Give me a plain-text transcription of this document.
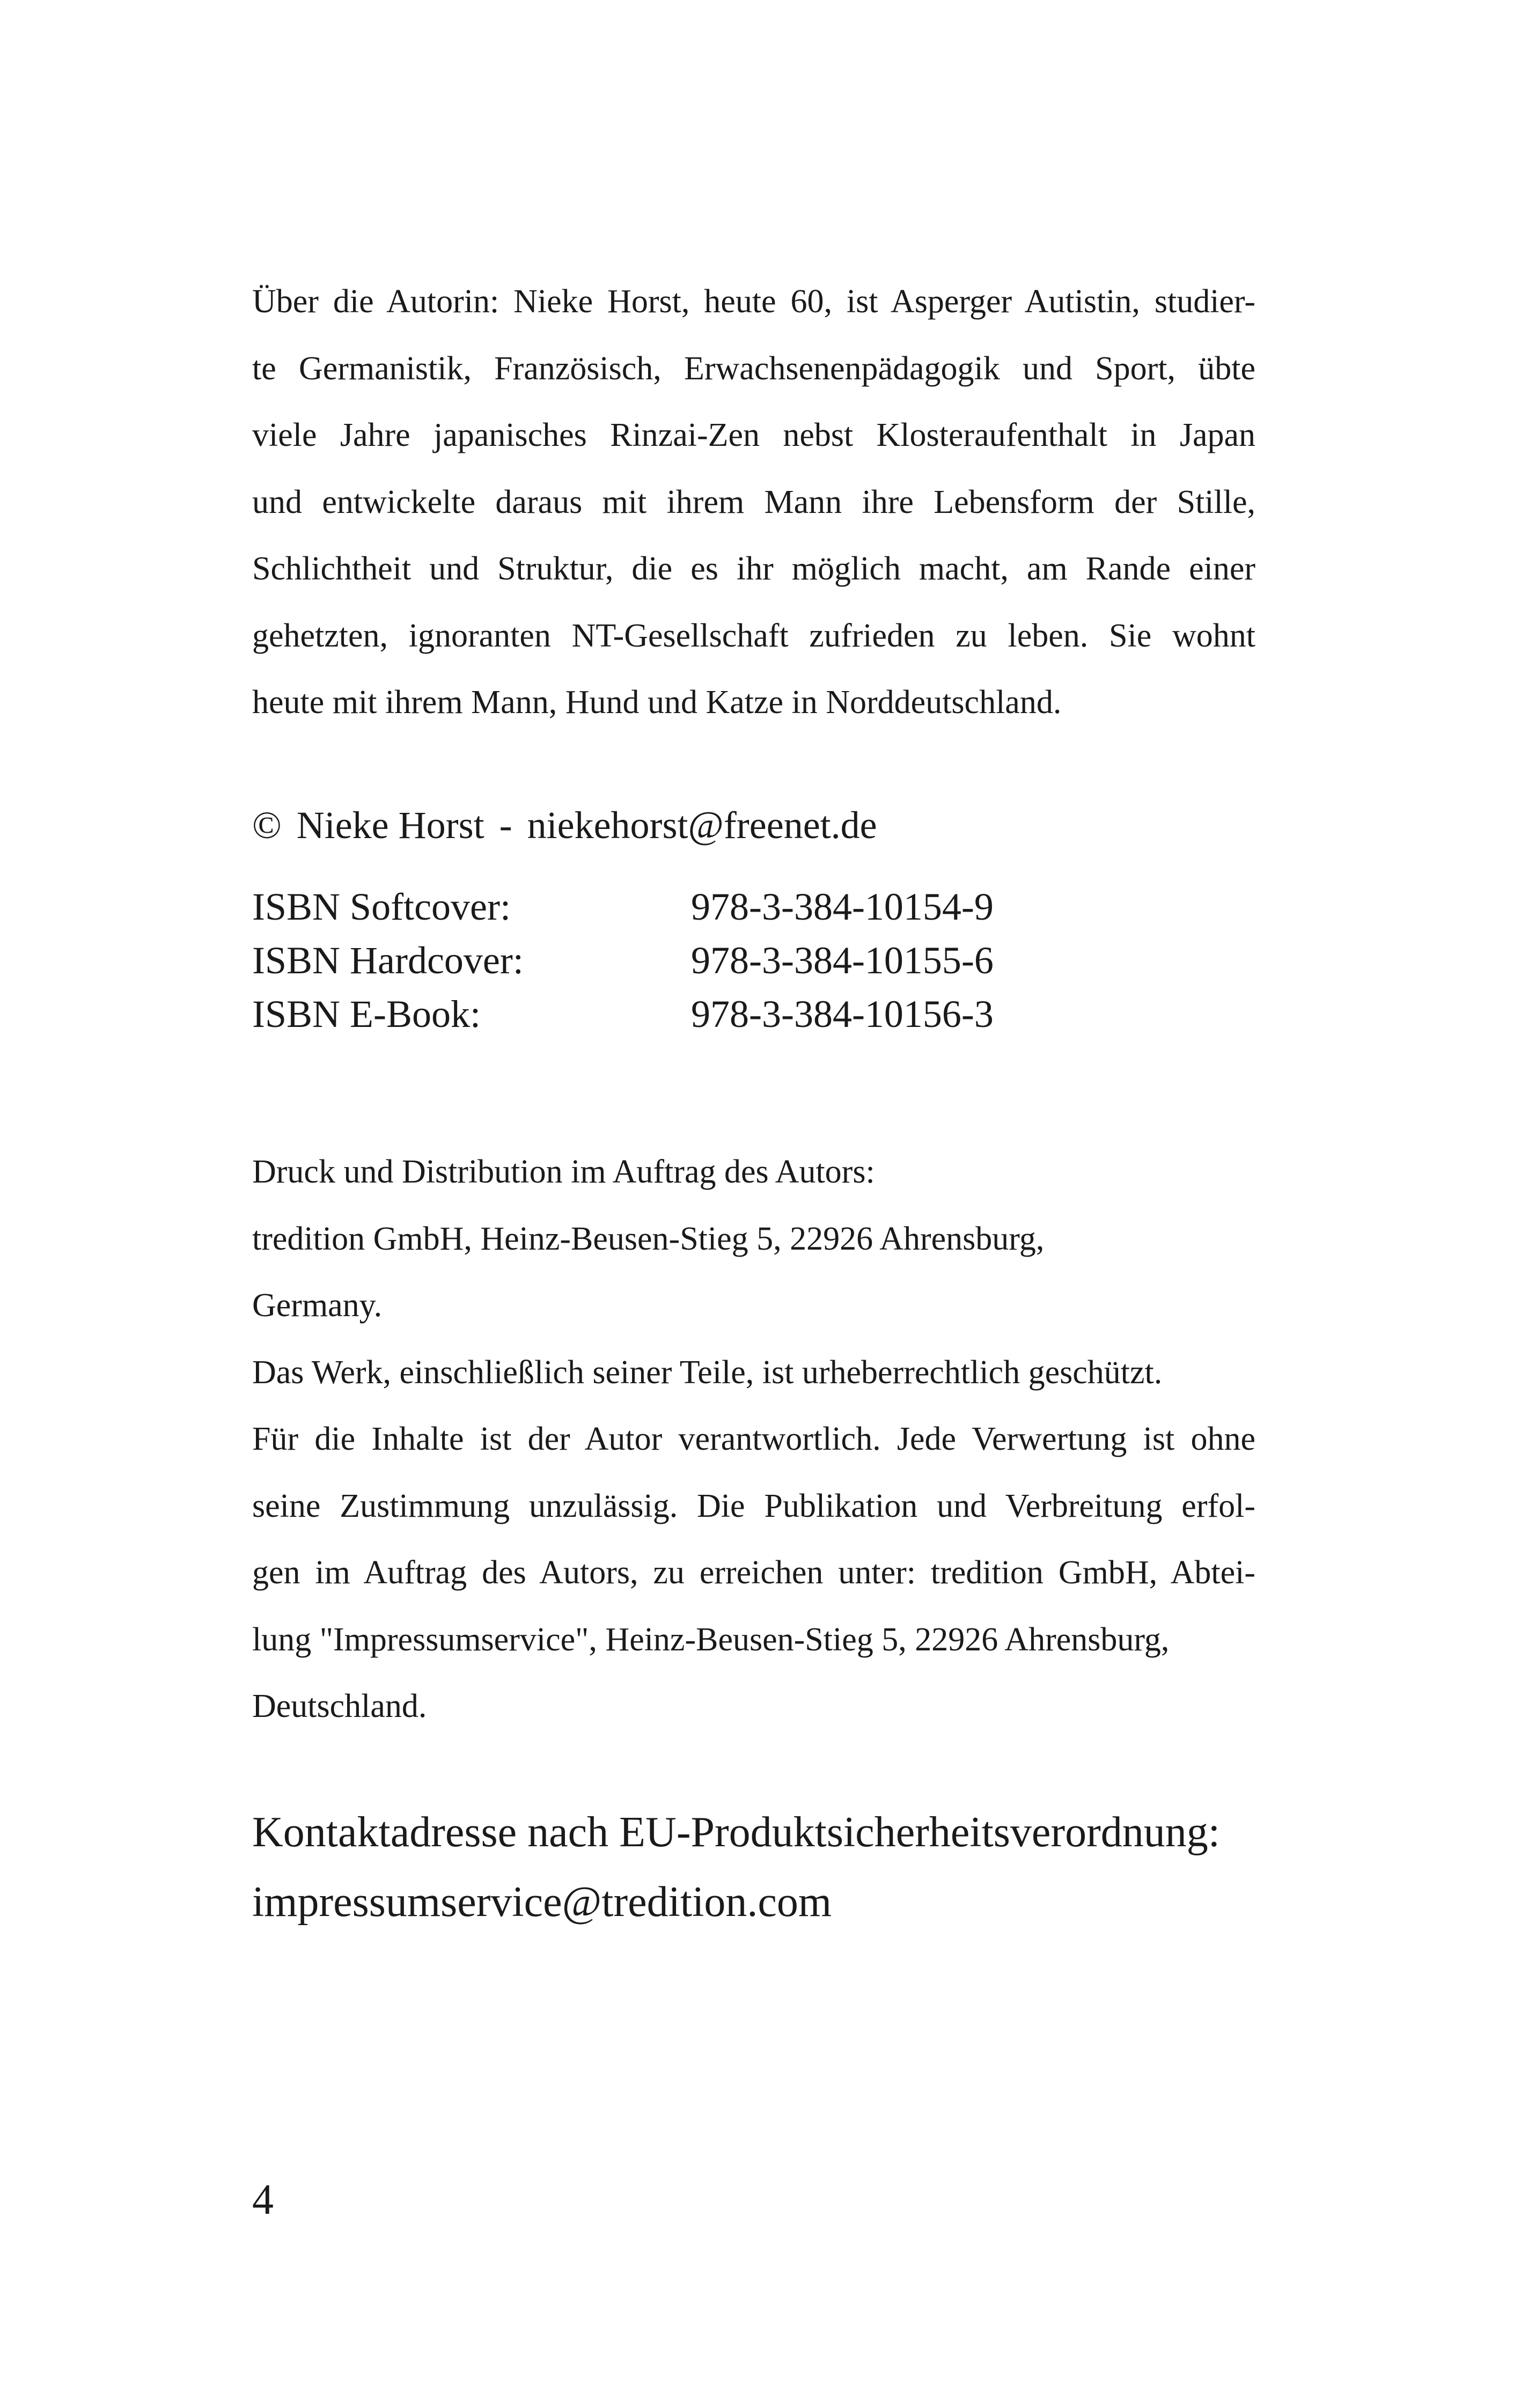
Über die Autorin: Nieke Horst, heute 60, ist Asperger Autistin, studier-
te Germanistik, Französisch, Erwachsenenpädagogik und Sport, übte
viele Jahre japanisches Rinzai-Zen nebst Klosteraufenthalt in Japan
und entwickelte daraus mit ihrem Mann ihre Lebensform der Stille,
Schlichtheit und Struktur, die es ihr möglich macht, am Rande einer
gehetzten, ignoranten NT-Gesellschaft zufrieden zu leben. Sie wohnt
heute mit ihrem Mann, Hund und Katze in Norddeutschland.
© Nieke Horst - niekehorst@freenet.de
ISBN Softcover:	978-3-384-10154-9
ISBN Hardcover:	978-3-384-10155-6
ISBN E-Book:	978-3-384-10156-3
Druck und Distribution im Auftrag des Autors:
tredition GmbH, Heinz-Beusen-Stieg 5, 22926 Ahrensburg,
Germany.
Das Werk, einschließlich seiner Teile, ist urheberrechtlich geschützt.
Für die Inhalte ist der Autor verantwortlich. Jede Verwertung ist ohne
seine Zustimmung unzulässig. Die Publikation und Verbreitung erfol-
gen im Auftrag des Autors, zu erreichen unter: tredition GmbH, Abtei-
lung "Impressumservice", Heinz-Beusen-Stieg 5, 22926 Ahrensburg,
Deutschland.
Kontaktadresse nach EU-Produktsicherheitsverordnung:
impressumservice@tredition.com
4
